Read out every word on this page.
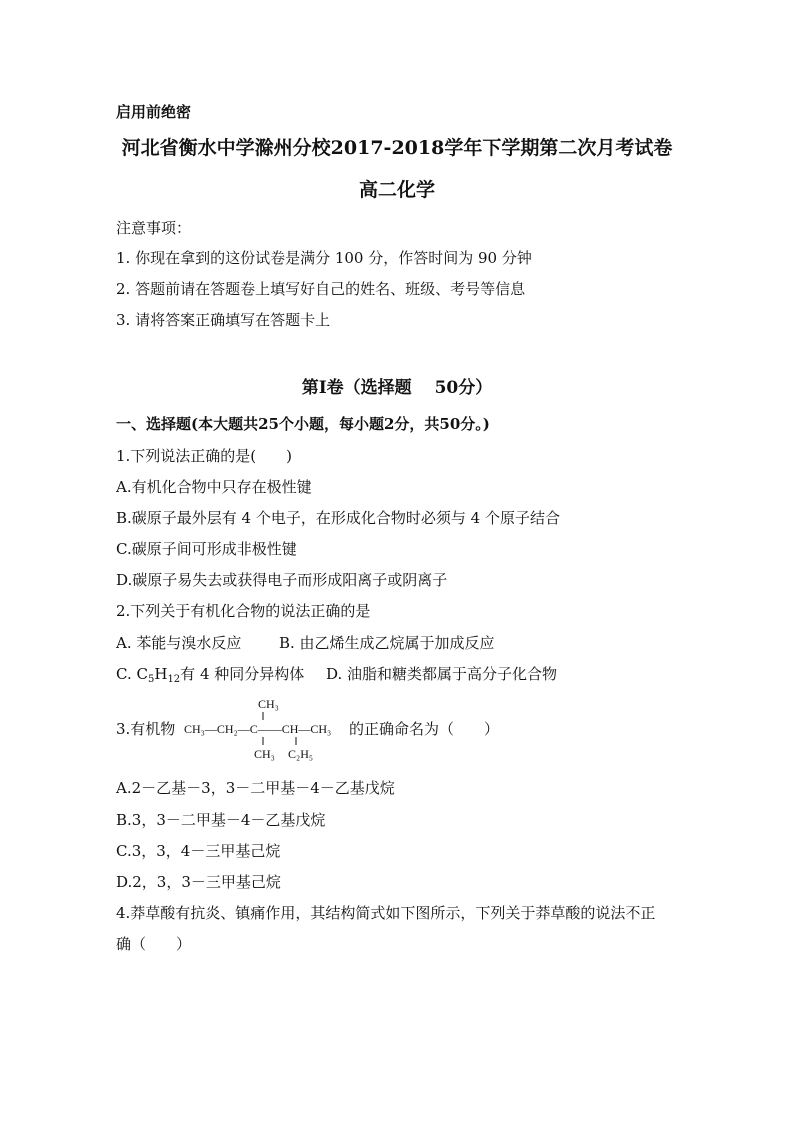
启用前绝密
河北省衡水中学滁州分校2017-2018学年下学期第二次月考试卷
高二化学
注意事项：
1. 你现在拿到的这份试卷是满分 100 分，作答时间为 90 分钟
2. 答题前请在答题卷上填写好自己的姓名、班级、考号等信息
3. 请将答案正确填写在答题卡上
第Ⅰ卷（选择题　 50分）
一、选择题(本大题共25个小题，每小题2分，共50分。)
1.下列说法正确的是(　　)
A.有机化合物中只存在极性键
B.碳原子最外层有 4 个电子，在形成化合物时必须与 4 个原子结合
C.碳原子间可形成非极性键
D.碳原子易失去或获得电子而形成阳离子或阴离子
2.下列关于有机化合物的说法正确的是
A. 苯能与溴水反应	B. 由乙烯生成乙烷属于加成反应
C. $C_5H_{12}$有 4 种同分异构体 D. 油脂和糖类都属于高分子化合物
3.有机物
CH₃
CH₃—CH₂—C——CH—CH₃
CH₃ C₂H₅
的正确命名为（　　）
A.2－乙基－3，3－二甲基－4－乙基戊烷
B.3，3－二甲基－4－乙基戊烷
C.3，3，4－三甲基己烷
D.2，3，3－三甲基己烷
4.莽草酸有抗炎、镇痛作用，其结构简式如下图所示，下列关于莽草酸的说法不正
确（　　）
